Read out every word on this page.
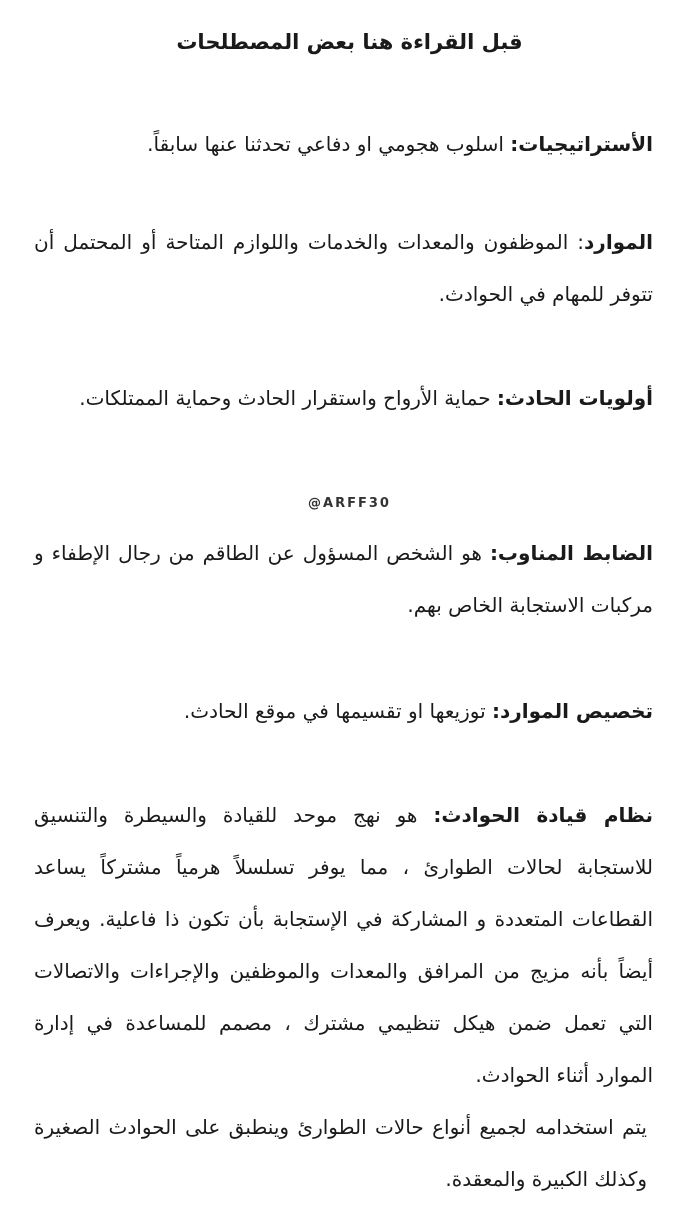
قبل القراءة هنا بعض المصطلحات

الأستراتيجيات: اسلوب هجومي او دفاعي تحدثنا عنها سابقاً.

الموارد: الموظفون والمعدات والخدمات واللوازم المتاحة أو المحتمل أن تتوفر للمهام في الحوادث.

أولويات الحادث: حماية الأرواح واستقرار الحادث وحماية الممتلكات.

@ARFF30

الضابط المناوب: هو الشخص المسؤول عن الطاقم من رجال الإطفاء و مركبات الاستجابة الخاص بهم.

تخصيص الموارد: توزيعها او تقسيمها في موقع الحادث.

نظام قيادة الحوادث: هو نهج موحد للقيادة والسيطرة والتنسيق للاستجابة لحالات الطوارئ ، مما يوفر تسلسلاً هرمياً مشتركاً يساعد القطاعات المتعددة و المشاركة في الإستجابة بأن تكون ذا فاعلية. ويعرف أيضاً بأنه مزيج من المرافق والمعدات والموظفين والإجراءات والاتصالات التي تعمل ضمن هيكل تنظيمي مشترك ، مصمم للمساعدة في إدارة الموارد أثناء الحوادث.
يتم استخدامه لجميع أنواع حالات الطوارئ وينطبق على الحوادث الصغيرة وكذلك الكبيرة والمعقدة.
